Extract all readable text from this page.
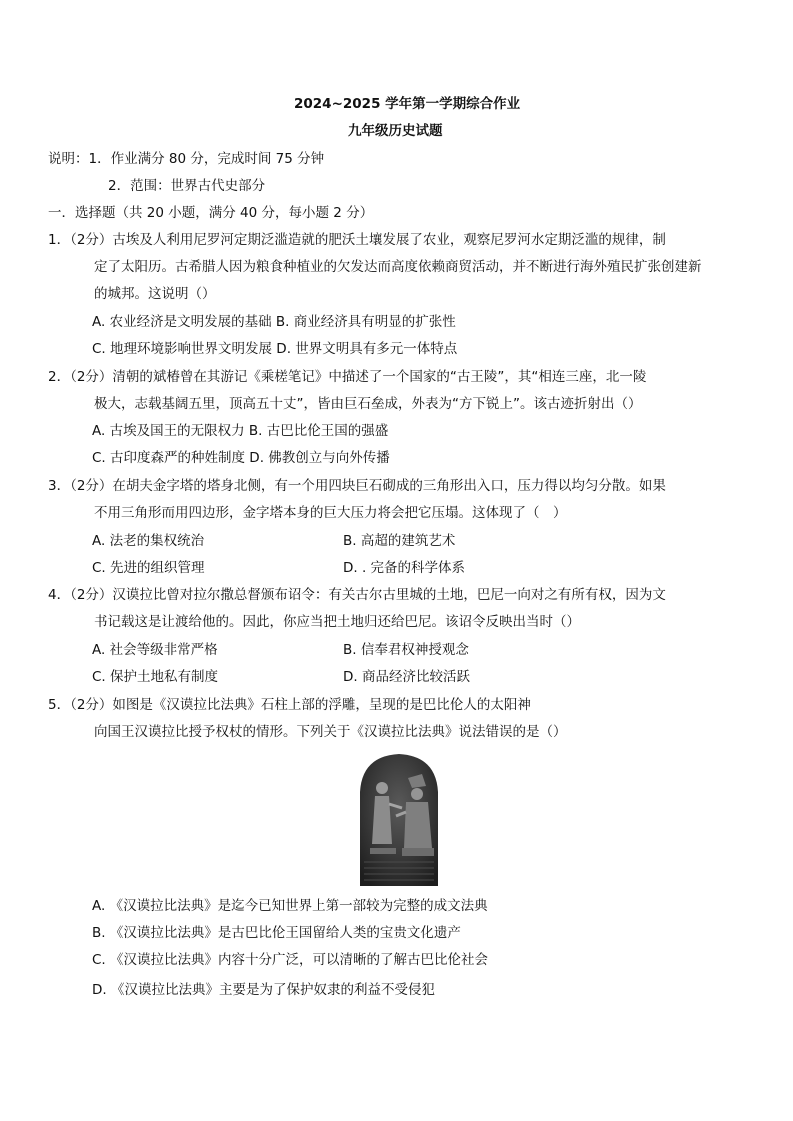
2024~2025 学年第一学期综合作业
九年级历史试题
说明：1．作业满分 80 分，完成时间 75 分钟
2．范围：世界古代史部分
一．选择题（共 20 小题，满分 40 分，每小题 2 分）
1．（2分）古埃及人利用尼罗河定期泛滥造就的肥沃土壤发展了农业，观察尼罗河水定期泛滥的规律，制
定了太阳历。古希腊人因为粮食种植业的欠发达而高度依赖商贸活动，并不断进行海外殖民扩张创建新
的城邦。这说明（）
A. 农业经济是文明发展的基础 B. 商业经济具有明显的扩张性
C. 地理环境影响世界文明发展 D. 世界文明具有多元一体特点
2．（2分）清朝的斌椿曾在其游记《乘槎笔记》中描述了一个国家的“古王陵”，其“相连三座，北一陵
极大，志载基阔五里，顶高五十丈”，皆由巨石垒成，外表为“方下锐上”。该古迹折射出（）
A. 古埃及国王的无限权力 B. 古巴比伦王国的强盛
C. 古印度森严的种姓制度 D. 佛教创立与向外传播
3．（2分）在胡夫金字塔的塔身北侧，有一个用四块巨石砌成的三角形出入口，压力得以均匀分散。如果
不用三角形而用四边形，金字塔本身的巨大压力将会把它压塌。这体现了（　）
A. 法老的集权统治	B. 高超的建筑艺术
C. 先进的组织管理	D. . 完备的科学体系
4．（2分）汉谟拉比曾对拉尔撒总督颁布诏令：有关古尔古里城的土地，巴尼一向对之有所有权，因为文
书记载这是让渡给他的。因此，你应当把土地归还给巴尼。该诏令反映出当时（）
A. 社会等级非常严格	B. 信奉君权神授观念
C. 保护土地私有制度	D. 商品经济比较活跃
5．（2分）如图是《汉谟拉比法典》石柱上部的浮雕，呈现的是巴比伦人的太阳神
向国王汉谟拉比授予权杖的情形。下列关于《汉谟拉比法典》说法错误的是（）
A. 《汉谟拉比法典》是迄今已知世界上第一部较为完整的成文法典
B. 《汉谟拉比法典》是古巴比伦王国留给人类的宝贵文化遗产
C. 《汉谟拉比法典》内容十分广泛，可以清晰的了解古巴比伦社会
D. 《汉谟拉比法典》主要是为了保护奴隶的利益不受侵犯
